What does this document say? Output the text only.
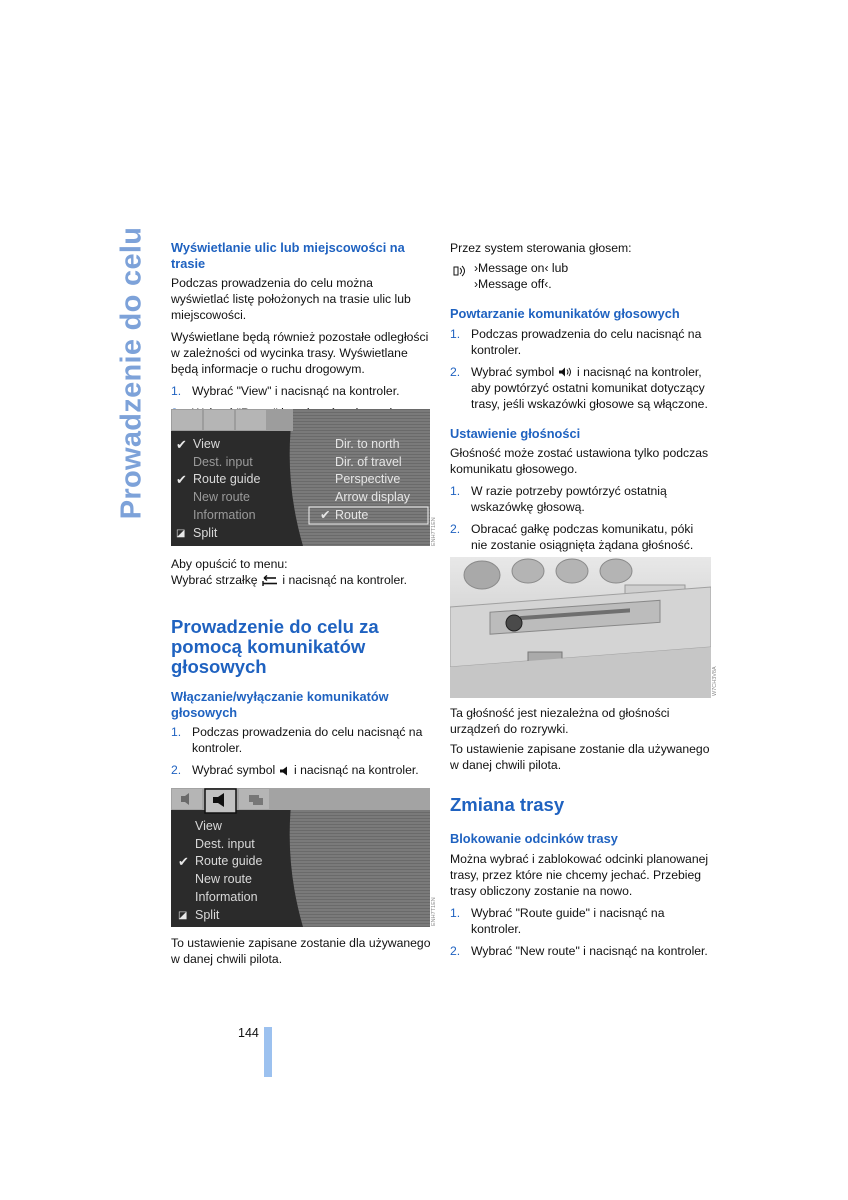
Prowadzenie do celu Wyświetlanie ulic lub miejscowości na trasie

Podczas prowadzenia do celu można wyświetlać listę położonych na trasie ulic lub miejscowości.

Wyświetlane będą również pozostałe odległości w zależności od wycinka trasy. Wyświetlane będą informacje o ruchu drogowym.

1. Wybrać "View" i nacisnąć na kontroler.
✔ View
Dest. input
✔ Route guide
New route
Information
◪ Split
Dir. to north
Dir. of travel
Perspective
Arrow display
✔ Route
ENH7T1EN

Aby opuścić to menu:

Wybrać strzałkę i nacisnąć na kontroler.

Prowadzenie do celu za pomocą komunikatów głosowych
Włączanie/wyłączanie komunikatów głosowych
1. Podczas prowadzenia do celu nacisnąć na kontroler.
2. Wybrać symbol i nacisnąć na kontroler.
View
Dest. input
✔ Route guide
New route
Information
◪ Split	ENH7T1EN

To ustawienie zapisane zostanie dla używanego w danej chwili pilota.

Przez system sterowania głosem:

›Message on‹ lub
›Message off‹.
Powtarzanie komunikatów głosowych
1. Podczas prowadzenia do celu nacisnąć na kontroler.
2. Wybrać symbol i nacisnąć na kontroler, aby powtórzyć ostatni komunikat dotyczący trasy, jeśli wskazówki głosowe są włączone.
Ustawienie głośności

Głośność może zostać ustawiona tylko podczas komunikatu głosowego.

1. W razie potrzeby powtórzyć ostatnią wskazówkę głosową.
2. Obracać gałkę podczas komunikatu, póki nie zostanie osiągnięta żądana głośność.
W7CH3V8A

Ta głośność jest niezależna od głośności urządzeń do rozrywki.

To ustawienie zapisane zostanie dla używanego w danej chwili pilota.

Zmiana trasy
Blokowanie odcinków trasy

Można wybrać i zablokować odcinki planowanej trasy, przez które nie chcemy jechać. Przebieg trasy obliczony zostanie na nowo.

1. Wybrać "Route guide" i nacisnąć na kontroler.
2. Wybrać "New route" i nacisnąć na kontroler.
144
